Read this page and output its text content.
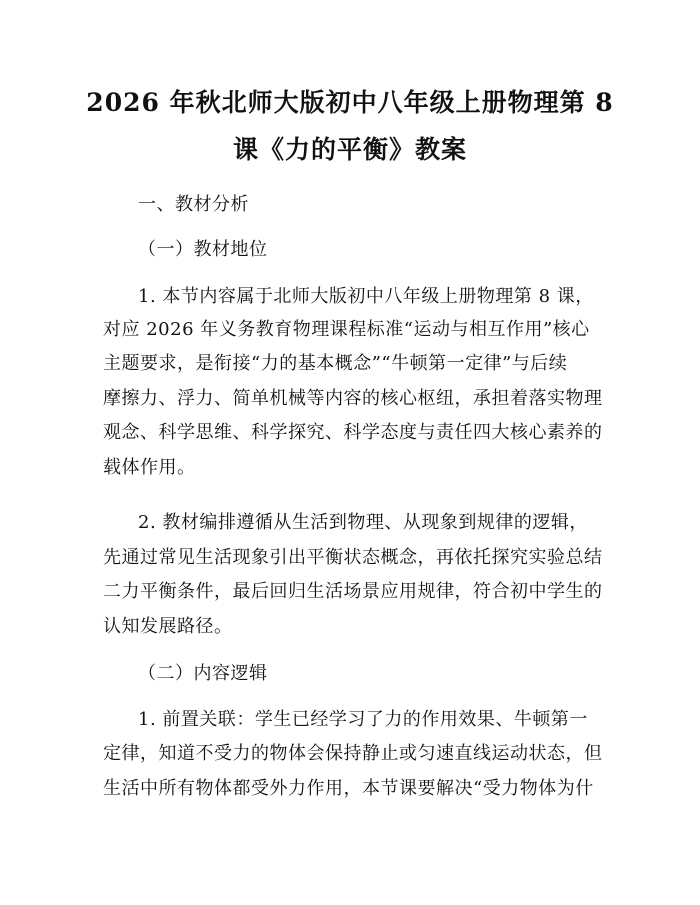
2026 年秋北师大版初中八年级上册物理第 8
课《力的平衡》教案
一、教材分析
（一）教材地位
1. 本节内容属于北师大版初中八年级上册物理第 8 课，
对应 2026 年义务教育物理课程标准“运动与相互作用”核心
主题要求，是衔接“力的基本概念”“牛顿第一定律”与后续
摩擦力、浮力、简单机械等内容的核心枢纽，承担着落实物理
观念、科学思维、科学探究、科学态度与责任四大核心素养的
载体作用。
2. 教材编排遵循从生活到物理、从现象到规律的逻辑，
先通过常见生活现象引出平衡状态概念，再依托探究实验总结
二力平衡条件，最后回归生活场景应用规律，符合初中学生的
认知发展路径。
（二）内容逻辑
1. 前置关联：学生已经学习了力的作用效果、牛顿第一
定律，知道不受力的物体会保持静止或匀速直线运动状态，但
生活中所有物体都受外力作用，本节课要解决“受力物体为什
